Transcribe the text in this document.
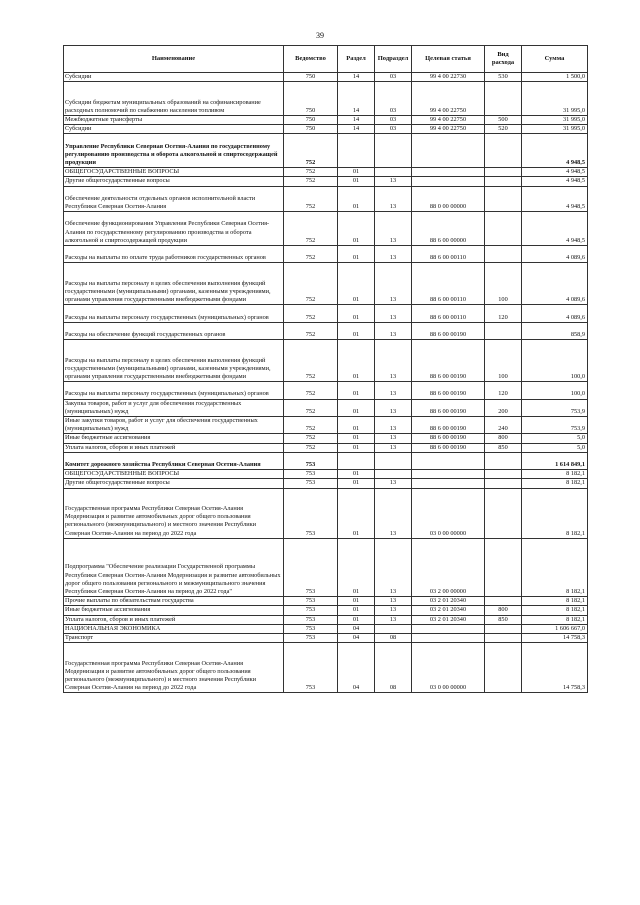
39
Наименование	Ведомство	Раздел	Подраздел	Целевая статья	Вид расхода	Сумма
Субсидии	750	14	03	99 4 00 22730	530	1 500,0
Субсидии бюджетам муниципальных образований на софинансирование расходных полномочий по снабжению населения топливом	750	14	03	99 4 00 22750		31 995,0
Межбюджетные трансферты	750	14	03	99 4 00 22750	500	31 995,0
Субсидии	750	14	03	99 4 00 22750	520	31 995,0
Управление Республики Северная Осетия-Алания по государственному регулированию производства и оборота алкогольной и спиртосодержащей продукции	752					4 948,5
ОБЩЕГОСУДАРСТВЕННЫЕ ВОПРОСЫ	752	01				4 948,5
Другие общегосударственные вопросы	752	01	13			4 948,5
Обеспечение деятельности отдельных органов исполнительной власти Республики Северная Осетия-Алания	752	01	13	88 0 00 00000		4 948,5
Обеспечение функционирования Управления Республики Северная Осетия-Алания по государственному регулированию производства и оборота алкогольной и спиртосодержащей продукции	752	01	13	88 6 00 00000		4 948,5
Расходы на выплаты по оплате труда работников государственных органов	752	01	13	88 6 00 00110		4 089,6
Расходы на выплаты персоналу в целях обеспечения выполнения функций государственными (муниципальными) органами, казенными учреждениями, органами управления государственными внебюджетными фондами	752	01	13	88 6 00 00110	100	4 089,6
Расходы на выплаты персоналу государственных (муниципальных) органов	752	01	13	88 6 00 00110	120	4 089,6
Расходы на обеспечение функций государственных органов	752	01	13	88 6 00 00190		858,9
Расходы на выплаты персоналу в целях обеспечения выполнения функций государственными (муниципальными) органами, казенными учреждениями, органами управления государственными внебюджетными фондами	752	01	13	88 6 00 00190	100	100,0
Расходы на выплаты персоналу государственных (муниципальных) органов	752	01	13	88 6 00 00190	120	100,0
Закупка товаров, работ и услуг для обеспечения государственных (муниципальных) нужд	752	01	13	88 6 00 00190	200	753,9
Иные закупки товаров, работ и услуг для обеспечения государственных (муниципальных) нужд	752	01	13	88 6 00 00190	240	753,9
Иные бюджетные ассигнования	752	01	13	88 6 00 00190	800	5,0
Уплата налогов, сборов и иных платежей	752	01	13	88 6 00 00190	850	5,0
Комитет дорожного хозяйства Республики Северная Осетия-Алания	753					1 614 849,1
ОБЩЕГОСУДАРСТВЕННЫЕ ВОПРОСЫ	753	01				8 182,1
Другие общегосударственные вопросы	753	01	13			8 182,1
Государственная программа Республики Северная Осетия-Алания Модернизация и развитие автомобильных дорог общего пользования регионального (межмуниципального) и местного значения Республики Северная Осетия-Алания на период до 2022 года	753	01	13	03 0 00 00000		8 182,1
Подпрограмма "Обеспечение реализации Государственной программы Республики Северная Осетия-Алания Модернизация и развитие автомобильных дорог общего пользования регионального и межмуниципального значения Республики Северная Осетия-Алания на период до 2022 года"	753	01	13	03 2 00 00000		8 182,1
Прочие выплаты по обязательствам государства	753	01	13	03 2 01 20340		8 182,1
Иные бюджетные ассигнования	753	01	13	03 2 01 20340	800	8 182,1
Уплата налогов, сборов и иных платежей	753	01	13	03 2 01 20340	850	8 182,1
НАЦИОНАЛЬНАЯ ЭКОНОМИКА	753	04				1 606 667,0
Транспорт	753	04	08			14 758,3
Государственная программа Республики Северная Осетия-Алания Модернизация и развитие автомобильных дорог общего пользования регионального (межмуниципального) и местного значения Республики Северная Осетия-Алания на период до 2022 года	753	04	08	03 0 00 00000		14 758,3
